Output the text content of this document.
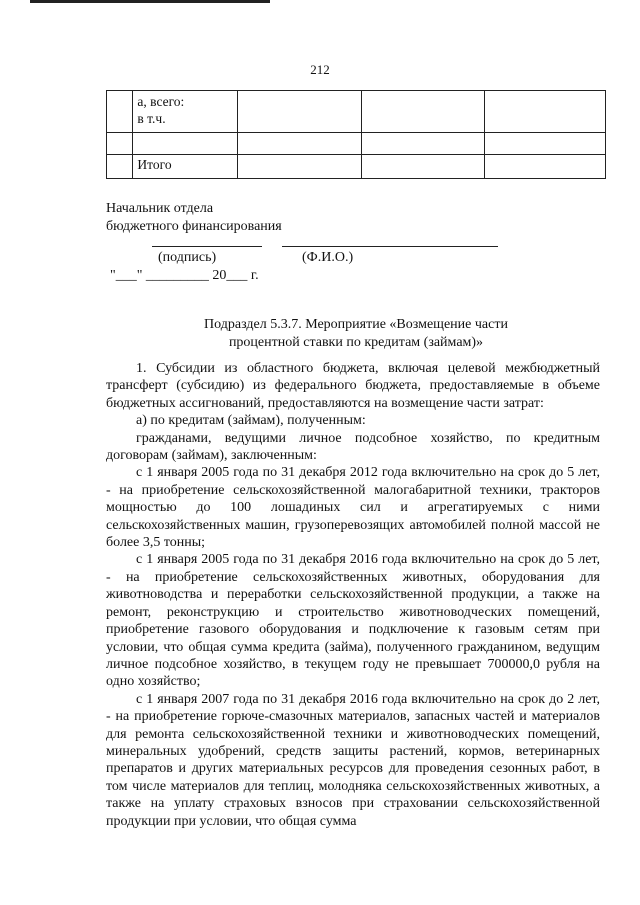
212

	а, всего:
в т.ч.			

	Итого			
Начальник отдела
бюджетного финансирования
(подпись)	(Ф.И.О.)
"___" _________ 20___ г.
Подраздел 5.3.7. Мероприятие «Возмещение части
процентной ставки по кредитам (займам)»

1. Субсидии из областного бюджета, включая целевой межбюджетный трансферт (субсидию) из федерального бюджета, предоставляемые в объеме бюджетных ассигнований, предоставляются на возмещение части затрат:

а) по кредитам (займам), полученным:

гражданами, ведущими личное подсобное хозяйство, по кредитным договорам (займам), заключенным:

с 1 января 2005 года по 31 декабря 2012 года включительно на срок до 5 лет, - на приобретение сельскохозяйственной малогабаритной техники, тракторов мощностью до 100 лошадиных сил и агрегатируемых с ними сельскохозяйственных машин, грузоперевозящих автомобилей полной массой не более 3,5 тонны;

с 1 января 2005 года по 31 декабря 2016 года включительно на срок до 5 лет, - на приобретение сельскохозяйственных животных, оборудования для животноводства и переработки сельскохозяйственной продукции, а также на ремонт, реконструкцию и строительство животноводческих помещений, приобретение газового оборудования и подключение к газовым сетям при условии, что общая сумма кредита (займа), полученного гражданином, ведущим личное подсобное хозяйство, в текущем году не превышает 700000,0 рубля на одно хозяйство;

с 1 января 2007 года по 31 декабря 2016 года включительно на срок до 2 лет, - на приобретение горюче-смазочных материалов, запасных частей и материалов для ремонта сельскохозяйственной техники и животноводческих помещений, минеральных удобрений, средств защиты растений, кормов, ветеринарных препаратов и других материальных ресурсов для проведения сезонных работ, в том числе материалов для теплиц, молодняка сельскохозяйственных животных, а также на уплату страховых взносов при страховании сельскохозяйственной продукции при условии, что общая сумма
